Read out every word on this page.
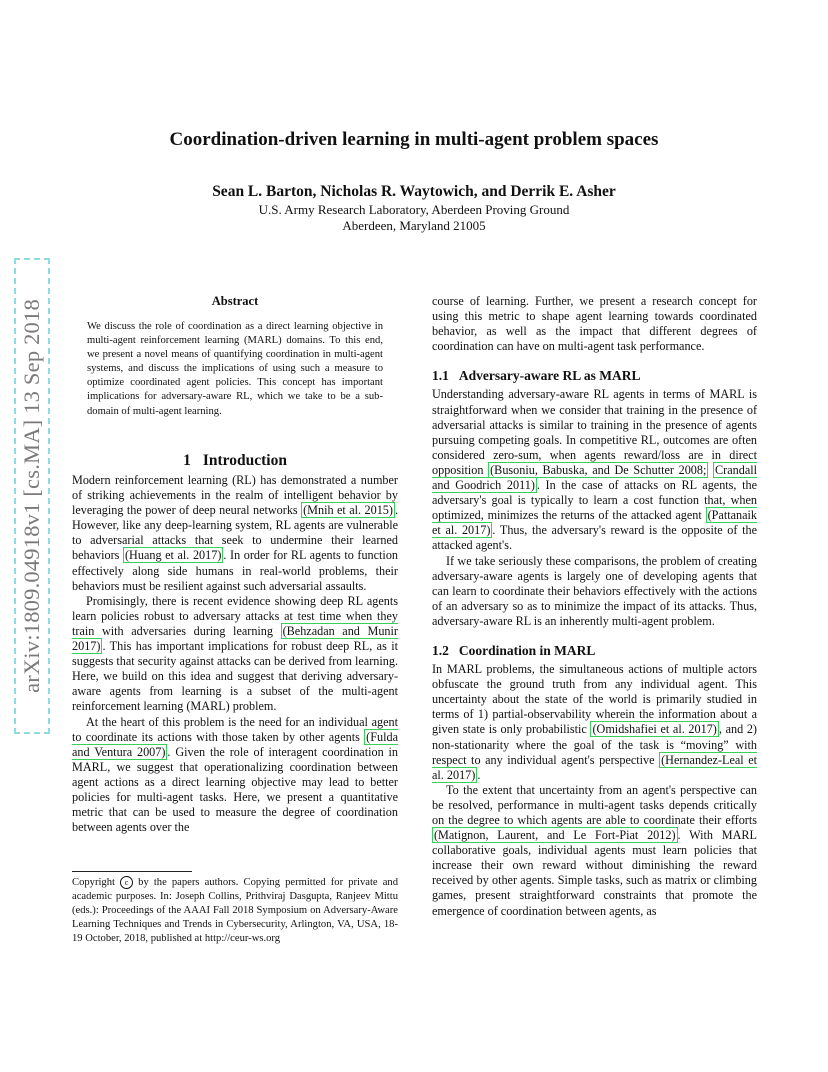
arXiv:1809.04918v1 [cs.MA] 13 Sep 2018
Coordination-driven learning in multi-agent problem spaces
Sean L. Barton, Nicholas R. Waytowich, and Derrik E. Asher
U.S. Army Research Laboratory, Aberdeen Proving Ground
Aberdeen, Maryland 21005
Abstract
We discuss the role of coordination as a direct learning objective in multi-agent reinforcement learning (MARL) domains. To this end, we present a novel means of quantifying coordination in multi-agent systems, and discuss the implications of using such a measure to optimize coordinated agent policies. This concept has important implications for adversary-aware RL, which we take to be a sub-domain of multi-agent learning.
1 Introduction

Modern reinforcement learning (RL) has demonstrated a number of striking achievements in the realm of intelligent behavior by leveraging the power of deep neural networks (Mnih et al. 2015) . However, like any deep-learning system, RL agents are vulnerable to adversarial attacks that seek to undermine their learned behaviors (Huang et al. 2017) . In order for RL agents to function effectively along side humans in real-world problems, their behaviors must be resilient against such adversarial assaults.

Promisingly, there is recent evidence showing deep RL agents learn policies robust to adversary attacks at test time when they train with adversaries during learning (Behzadan and Munir 2017) . This has important implications for robust deep RL, as it suggests that security against attacks can be derived from learning. Here, we build on this idea and suggest that deriving adversary-aware agents from learning is a subset of the multi-agent reinforcement learning (MARL) problem.

At the heart of this problem is the need for an individual agent to coordinate its actions with those taken by other agents (Fulda and Ventura 2007) . Given the role of interagent coordination in MARL, we suggest that operationalizing coordination between agent actions as a direct learning objective may lead to better policies for multi-agent tasks. Here, we present a quantitative metric that can be used to measure the degree of coordination between agents over the

Copyright c by the papers authors. Copying permitted for private and academic purposes. In: Joseph Collins, Prithviraj Dasgupta, Ranjeev Mittu (eds.): Proceedings of the AAAI Fall 2018 Symposium on Adversary-Aware Learning Techniques and Trends in Cybersecurity, Arlington, VA, USA, 18-19 October, 2018, published at http://ceur-ws.org

course of learning. Further, we present a research concept for using this metric to shape agent learning towards coordinated behavior, as well as the impact that different degrees of coordination can have on multi-agent task performance.

1.1 Adversary-aware RL as MARL

Understanding adversary-aware RL agents in terms of MARL is straightforward when we consider that training in the presence of adversarial attacks is similar to training in the presence of agents pursuing competing goals. In competitive RL, outcomes are often considered zero-sum, when agents reward/loss are in direct opposition (Busoniu, Babuska, and De Schutter 2008; Crandall and Goodrich 2011) . In the case of attacks on RL agents, the adversary's goal is typically to learn a cost function that, when optimized, minimizes the returns of the attacked agent (Pattanaik et al. 2017) . Thus, the adversary's reward is the opposite of the attacked agent's.

If we take seriously these comparisons, the problem of creating adversary-aware agents is largely one of developing agents that can learn to coordinate their behaviors effectively with the actions of an adversary so as to minimize the impact of its attacks. Thus, adversary-aware RL is an inherently multi-agent problem.

1.2 Coordination in MARL

In MARL problems, the simultaneous actions of multiple actors obfuscate the ground truth from any individual agent. This uncertainty about the state of the world is primarily studied in terms of 1) partial-observability wherein the information about a given state is only probabilistic (Omidshafiei et al. 2017) , and 2) non-stationarity where the goal of the task is “moving” with respect to any individual agent's perspective (Hernandez-Leal et al. 2017) .

To the extent that uncertainty from an agent's perspective can be resolved, performance in multi-agent tasks depends critically on the degree to which agents are able to coordinate their efforts (Matignon, Laurent, and Le Fort-Piat 2012) . With MARL collaborative goals, individual agents must learn policies that increase their own reward without diminishing the reward received by other agents. Simple tasks, such as matrix or climbing games, present straightforward constraints that promote the emergence of coordination between agents, as
